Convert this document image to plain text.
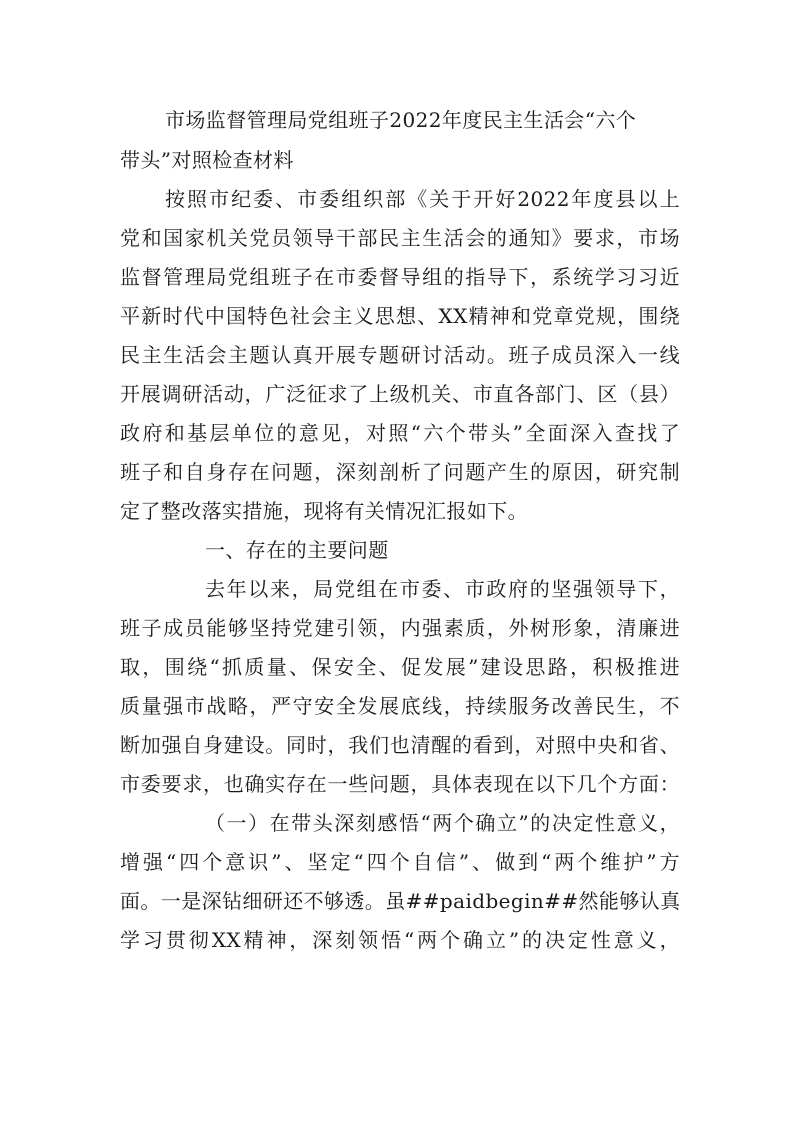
市场监督管理局党组班子2022年度民主生活会“六个
带头”对照检查材料
按照市纪委、市委组织部《关于开好2022年度县以上
党和国家机关党员领导干部民主生活会的通知》要求，市场
监督管理局党组班子在市委督导组的指导下，系统学习习近
平新时代中国特色社会主义思想、XX精神和党章党规，围绕
民主生活会主题认真开展专题研讨活动。班子成员深入一线
开展调研活动，广泛征求了上级机关、市直各部门、区（县）
政府和基层单位的意见，对照“六个带头”全面深入查找了
班子和自身存在问题，深刻剖析了问题产生的原因，研究制
定了整改落实措施，现将有关情况汇报如下。
一、存在的主要问题
去年以来，局党组在市委、市政府的坚强领导下，
班子成员能够坚持党建引领，内强素质，外树形象，清廉进
取，围绕“抓质量、保安全、促发展”建设思路，积极推进
质量强市战略，严守安全发展底线，持续服务改善民生，不
断加强自身建设。同时，我们也清醒的看到，对照中央和省、
市委要求，也确实存在一些问题，具体表现在以下几个方面：
（一）在带头深刻感悟“两个确立”的决定性意义，
增强“四个意识”、坚定“四个自信”、做到“两个维护”方
面。一是深钻细研还不够透。虽##paidbegin##然能够认真
学习贯彻XX精神，深刻领悟“两个确立”的决定性意义，
